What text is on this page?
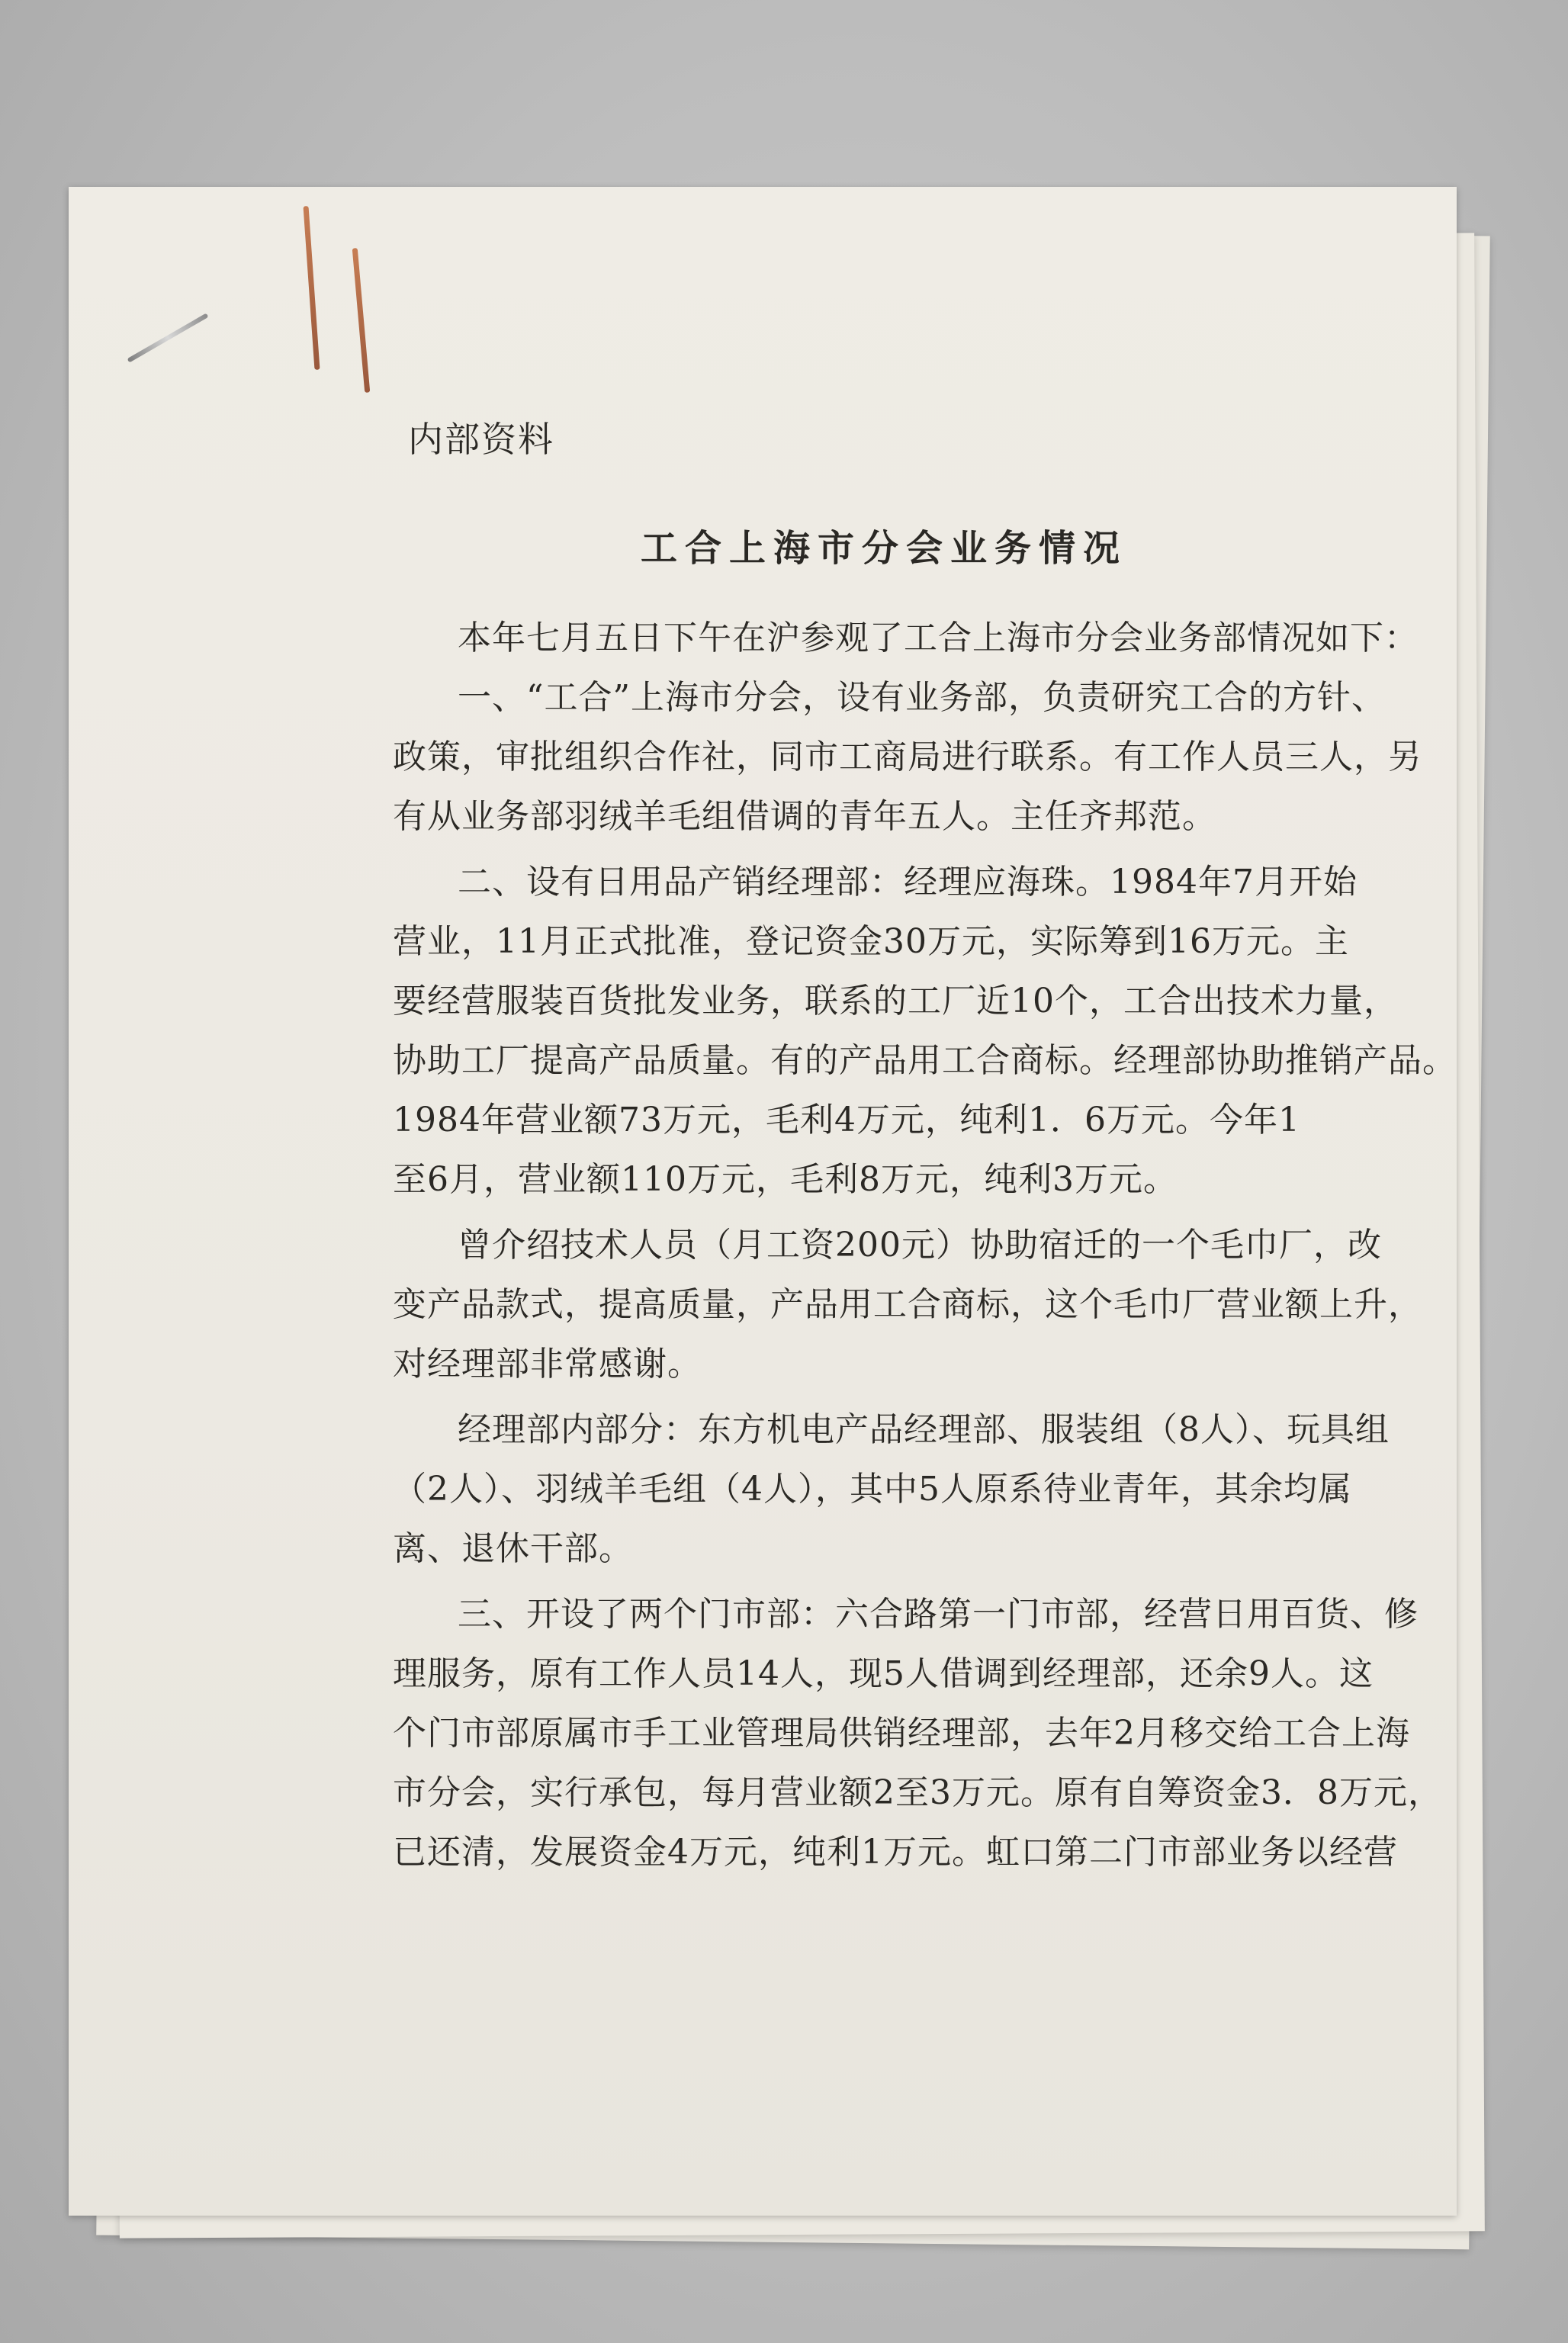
内部资料
工合上海市分会业务情况
本年七月五日下午在沪参观了工合上海市分会业务部情况如下：
一、“工合”上海市分会，设有业务部，负责研究工合的方针、
政策，审批组织合作社，同市工商局进行联系。有工作人员三人，另
有从业务部羽绒羊毛组借调的青年五人。主任齐邦范。
二、设有日用品产销经理部：经理应海珠。1984年7月开始
营业，11月正式批准，登记资金30万元，实际筹到16万元。主
要经营服装百货批发业务，联系的工厂近10个，工合出技术力量，
协助工厂提高产品质量。有的产品用工合商标。经理部协助推销产品。
1984年营业额73万元，毛利4万元，纯利1．6万元。今年1
至6月，营业额110万元，毛利8万元，纯利3万元。
曾介绍技术人员（月工资200元）协助宿迁的一个毛巾厂，改
变产品款式，提高质量，产品用工合商标，这个毛巾厂营业额上升，
对经理部非常感谢。
经理部内部分：东方机电产品经理部、服装组（8人）、玩具组
（2人）、羽绒羊毛组（4人），其中5人原系待业青年，其余均属
离、退休干部。
三、开设了两个门市部：六合路第一门市部，经营日用百货、修
理服务，原有工作人员14人，现5人借调到经理部，还余9人。这
个门市部原属市手工业管理局供销经理部，去年2月移交给工合上海
市分会，实行承包，每月营业额2至3万元。原有自筹资金3．8万元，
已还清，发展资金4万元，纯利1万元。虹口第二门市部业务以经营
